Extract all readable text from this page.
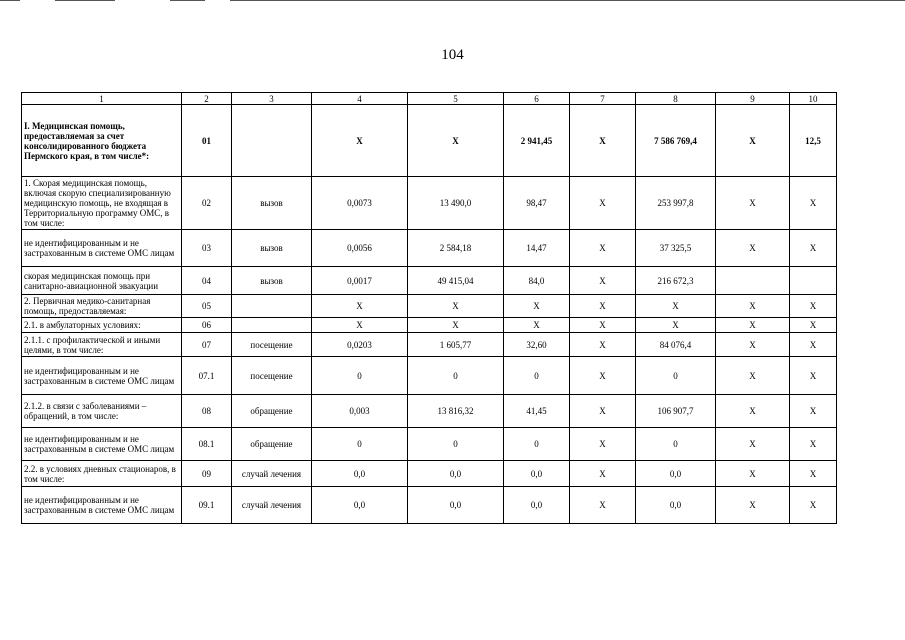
104
1	2	3	4	5	6	7	8	9	10
I. Медицинская помощь, предоставляемая за счет консолидированного бюджета Пермского края, в том числе*:	01		Х	Х	2 941,45	Х	7 586 769,4	Х	12,5
1. Скорая медицинская помощь, включая скорую специализированную медицинскую помощь, не входящая в Территориальную программу ОМС, в том числе:	02	вызов	0,0073	13 490,0	98,47	Х	253 997,8	Х	Х
не идентифицированным и не застрахованным в системе ОМС лицам	03	вызов	0,0056	2 584,18	14,47	Х	37 325,5	Х	Х
скорая медицинская помощь при санитарно-авиационной эвакуации	04	вызов	0,0017	49 415,04	84,0	Х	216 672,3		
2. Первичная медико-санитарная помощь, предоставляемая:	05		Х	Х	Х	Х	Х	Х	Х
2.1. в амбулаторных условиях:	06		Х	Х	Х	Х	Х	Х	Х
2.1.1. с профилактической и иными целями, в том числе:	07	посещение	0,0203	1 605,77	32,60	Х	84 076,4	Х	Х
не идентифицированным и не застрахованным в системе ОМС лицам	07.1	посещение	0	0	0	Х	0	Х	Х
2.1.2. в связи с заболеваниями – обращений, в том числе:	08	обращение	0,003	13 816,32	41,45	Х	106 907,7	Х	Х
не идентифицированным и не застрахованным в системе ОМС лицам	08.1	обращение	0	0	0	Х	0	Х	Х
2.2. в условиях дневных стационаров, в том числе:	09	случай лечения	0,0	0,0	0,0	Х	0,0	Х	Х
не идентифицированным и не застрахованным в системе ОМС лицам	09.1	случай лечения	0,0	0,0	0,0	Х	0,0	Х	Х
